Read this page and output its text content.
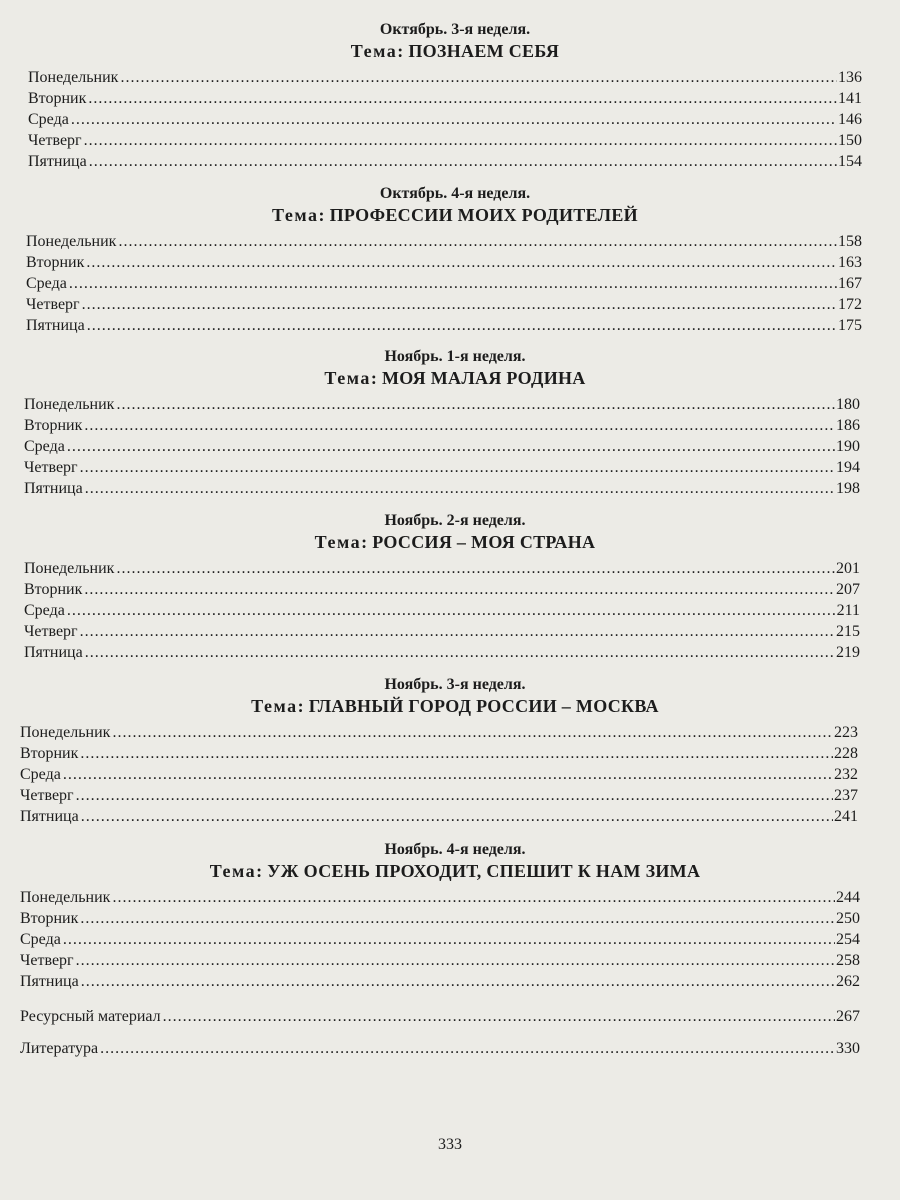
Октябрь. 3-я неделя.
Тема: ПОЗНАЕМ СЕБЯ
Понедельник .....	136
Вторник .....	141
Среда .....	146
Четверг .....	150
Пятница .....	154
Октябрь. 4-я неделя.
Тема: ПРОФЕССИИ МОИХ РОДИТЕЛЕЙ
Понедельник .....	158
Вторник .....	163
Среда .....	167
Четверг .....	172
Пятница .....	175
Ноябрь. 1-я неделя.
Тема: МОЯ МАЛАЯ РОДИНА
Понедельник .....	180
Вторник .....	186
Среда .....	190
Четверг .....	194
Пятница .....	198
Ноябрь. 2-я неделя.
Тема: РОССИЯ – МОЯ СТРАНА
Понедельник .....	201
Вторник .....	207
Среда .....	211
Четверг .....	215
Пятница .....	219
Ноябрь. 3-я неделя.
Тема: ГЛАВНЫЙ ГОРОД РОССИИ – МОСКВА
Понедельник .....	223
Вторник .....	228
Среда .....	232
Четверг .....	237
Пятница .....	241
Ноябрь. 4-я неделя.
Тема: УЖ ОСЕНЬ ПРОХОДИТ, СПЕШИТ К НАМ ЗИМА
Понедельник .....	244
Вторник .....	250
Среда .....	254
Четверг .....	258
Пятница .....	262
Ресурсный материал .....	267
Литература .....	330
333
